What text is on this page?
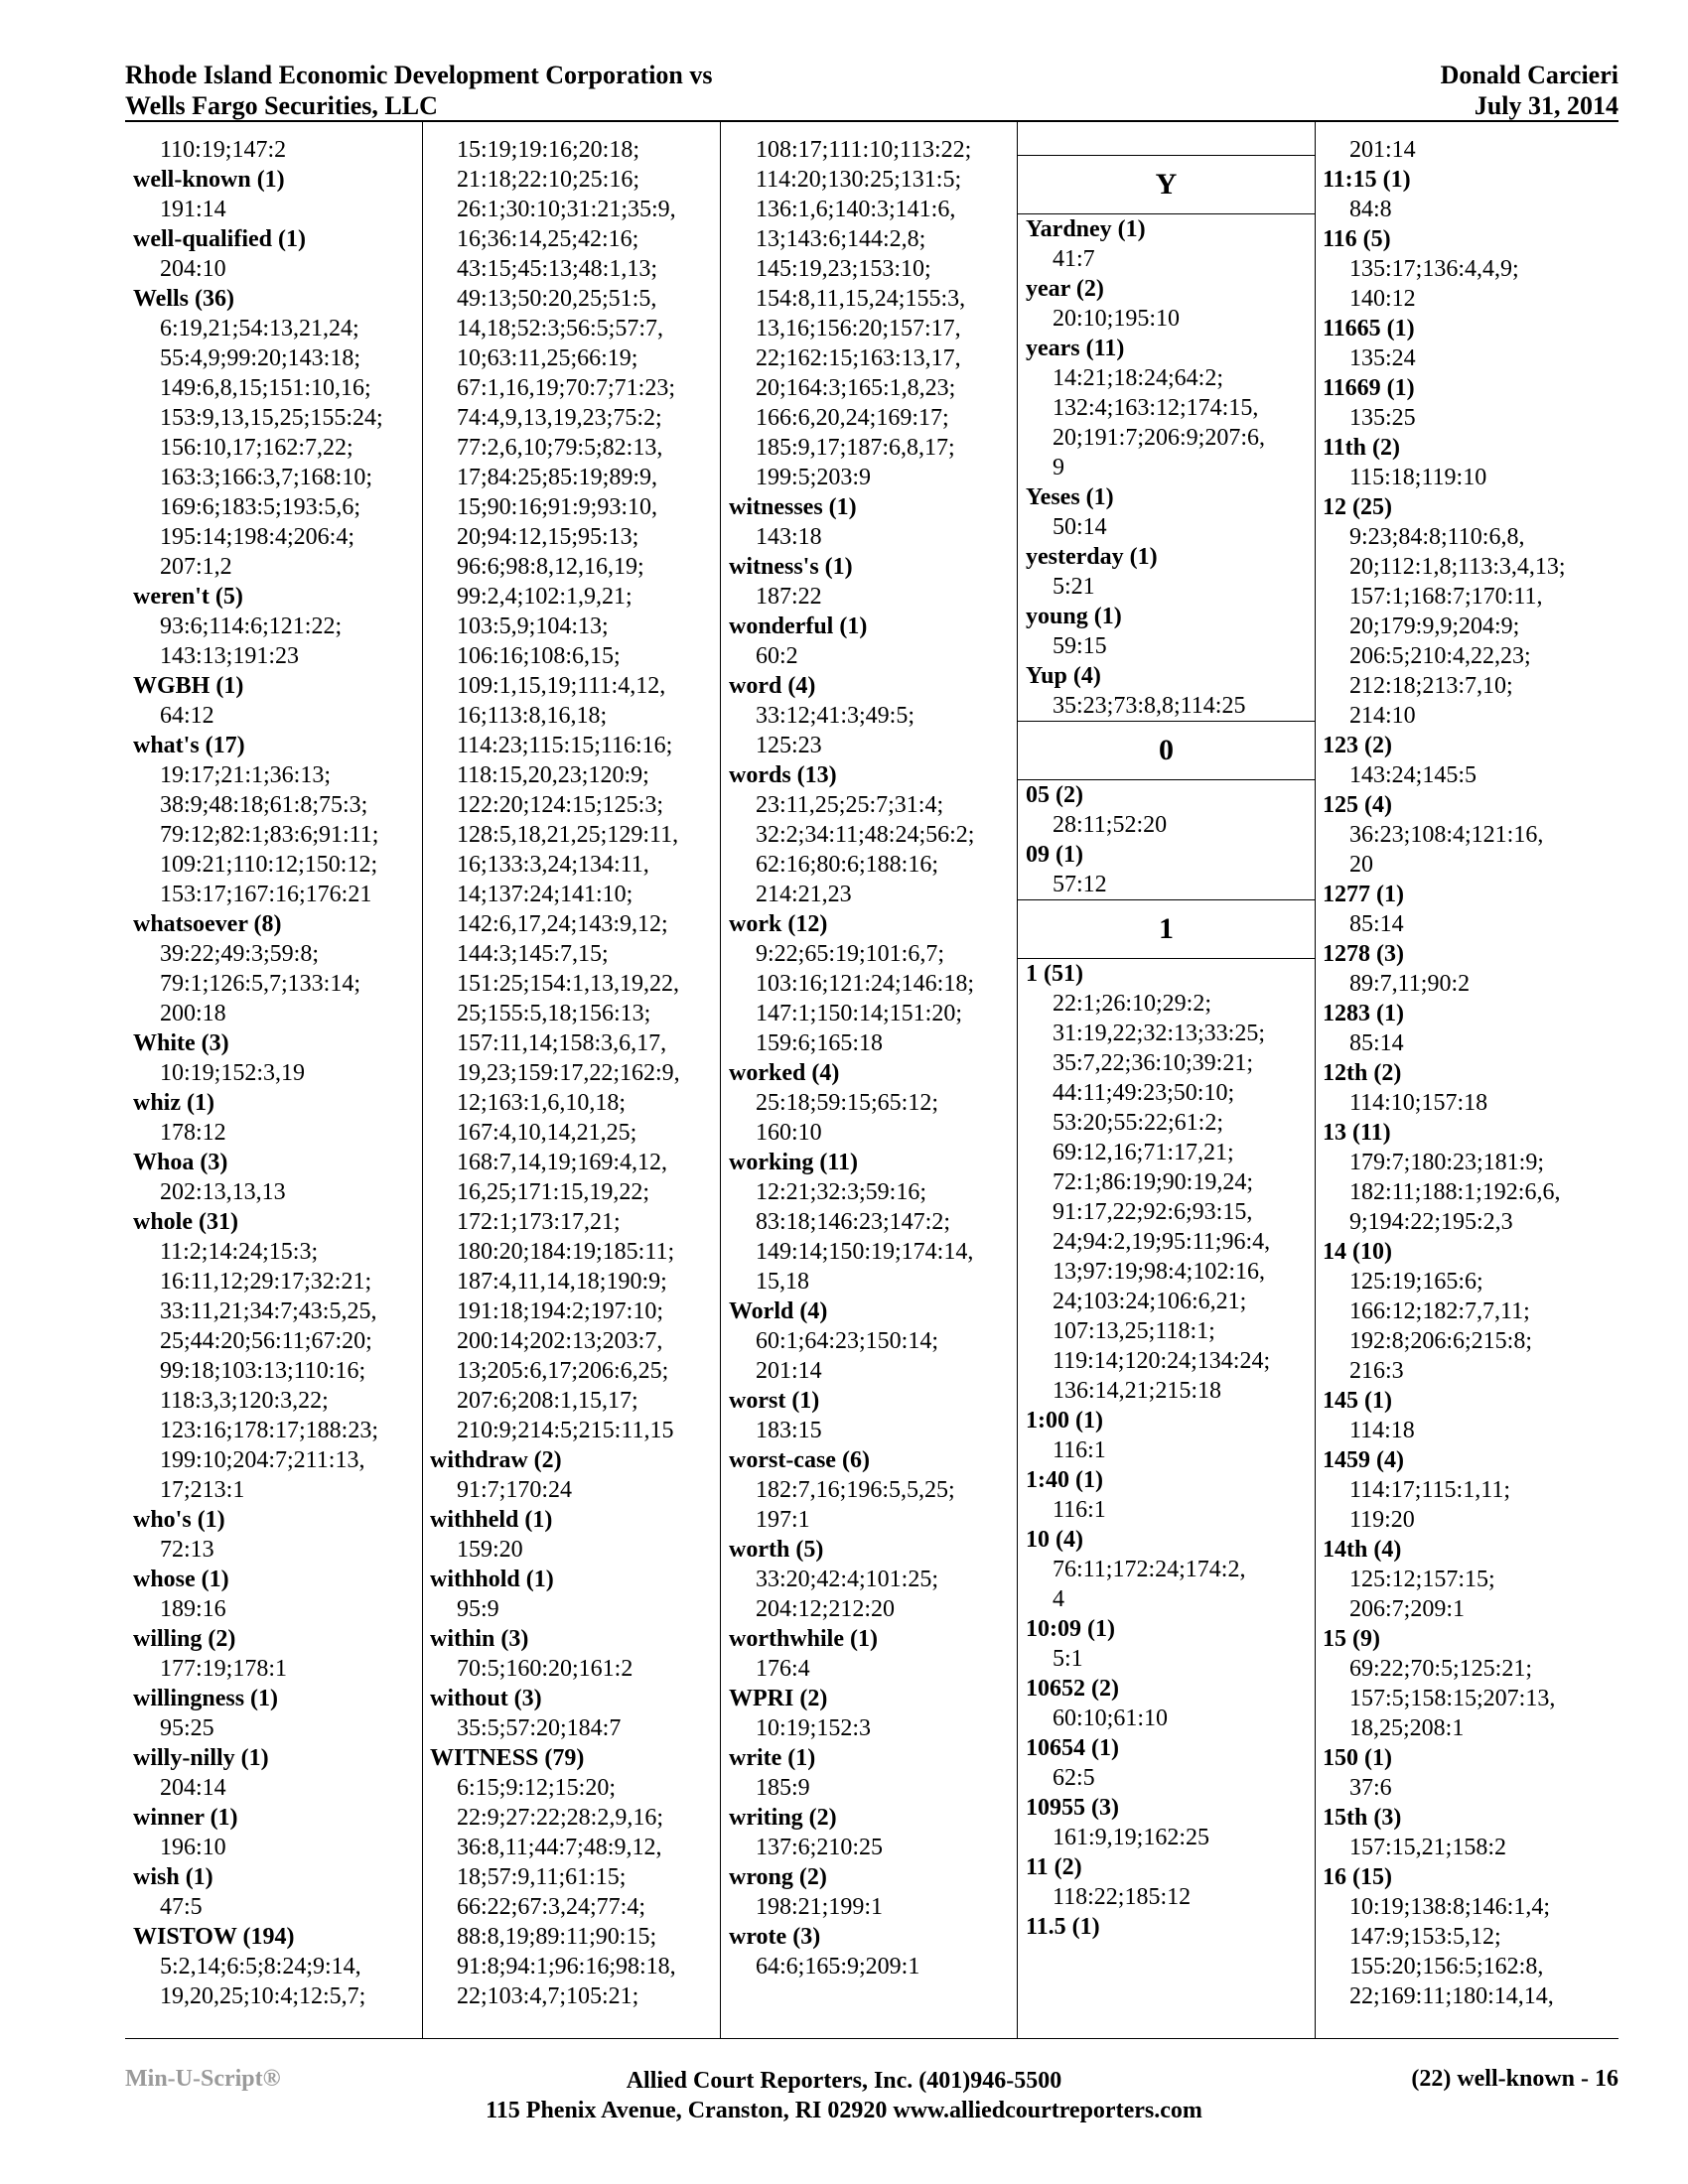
Rhode Island Economic Development Corporation vs
Wells Fargo Securities, LLC
Donald Carcieri
July 31, 2014
110:19;147:2
well-known (1)
191:14
well-qualified (1)
204:10
Wells (36)
6:19,21;54:13,21,24;
55:4,9;99:20;143:18;
149:6,8,15;151:10,16;
153:9,13,15,25;155:24;
156:10,17;162:7,22;
163:3;166:3,7;168:10;
169:6;183:5;193:5,6;
195:14;198:4;206:4;
207:1,2
weren't (5)
93:6;114:6;121:22;
143:13;191:23
WGBH (1)
64:12
what's (17)
19:17;21:1;36:13;
38:9;48:18;61:8;75:3;
79:12;82:1;83:6;91:11;
109:21;110:12;150:12;
153:17;167:16;176:21
whatsoever (8)
39:22;49:3;59:8;
79:1;126:5,7;133:14;
200:18
White (3)
10:19;152:3,19
whiz (1)
178:12
Whoa (3)
202:13,13,13
whole (31)
11:2;14:24;15:3;
16:11,12;29:17;32:21;
33:11,21;34:7;43:5,25,
25;44:20;56:11;67:20;
99:18;103:13;110:16;
118:3,3;120:3,22;
123:16;178:17;188:23;
199:10;204:7;211:13,
17;213:1
who's (1)
72:13
whose (1)
189:16
willing (2)
177:19;178:1
willingness (1)
95:25
willy-nilly (1)
204:14
winner (1)
196:10
wish (1)
47:5
WISTOW (194)
5:2,14;6:5;8:24;9:14,
19,20,25;10:4;12:5,7;
15:19;19:16;20:18;
21:18;22:10;25:16;
26:1;30:10;31:21;35:9,
16;36:14,25;42:16;
43:15;45:13;48:1,13;
49:13;50:20,25;51:5,
14,18;52:3;56:5;57:7,
10;63:11,25;66:19;
67:1,16,19;70:7;71:23;
74:4,9,13,19,23;75:2;
77:2,6,10;79:5;82:13,
17;84:25;85:19;89:9,
15;90:16;91:9;93:10,
20;94:12,15;95:13;
96:6;98:8,12,16,19;
99:2,4;102:1,9,21;
103:5,9;104:13;
106:16;108:6,15;
109:1,15,19;111:4,12,
16;113:8,16,18;
114:23;115:15;116:16;
118:15,20,23;120:9;
122:20;124:15;125:3;
128:5,18,21,25;129:11,
16;133:3,24;134:11,
14;137:24;141:10;
142:6,17,24;143:9,12;
144:3;145:7,15;
151:25;154:1,13,19,22,
25;155:5,18;156:13;
157:11,14;158:3,6,17,
19,23;159:17,22;162:9,
12;163:1,6,10,18;
167:4,10,14,21,25;
168:7,14,19;169:4,12,
16,25;171:15,19,22;
172:1;173:17,21;
180:20;184:19;185:11;
187:4,11,14,18;190:9;
191:18;194:2;197:10;
200:14;202:13;203:7,
13;205:6,17;206:6,25;
207:6;208:1,15,17;
210:9;214:5;215:11,15
withdraw (2)
91:7;170:24
withheld (1)
159:20
withhold (1)
95:9
within (3)
70:5;160:20;161:2
without (3)
35:5;57:20;184:7
WITNESS (79)
6:15;9:12;15:20;
22:9;27:22;28:2,9,16;
36:8,11;44:7;48:9,12,
18;57:9,11;61:15;
66:22;67:3,24;77:4;
88:8,19;89:11;90:15;
91:8;94:1;96:16;98:18,
22;103:4,7;105:21;
108:17;111:10;113:22;
114:20;130:25;131:5;
136:1,6;140:3;141:6,
13;143:6;144:2,8;
145:19,23;153:10;
154:8,11,15,24;155:3,
13,16;156:20;157:17,
22;162:15;163:13,17,
20;164:3;165:1,8,23;
166:6,20,24;169:17;
185:9,17;187:6,8,17;
199:5;203:9
witnesses (1)
143:18
witness's (1)
187:22
wonderful (1)
60:2
word (4)
33:12;41:3;49:5;
125:23
words (13)
23:11,25;25:7;31:4;
32:2;34:11;48:24;56:2;
62:16;80:6;188:16;
214:21,23
work (12)
9:22;65:19;101:6,7;
103:16;121:24;146:18;
147:1;150:14;151:20;
159:6;165:18
worked (4)
25:18;59:15;65:12;
160:10
working (11)
12:21;32:3;59:16;
83:18;146:23;147:2;
149:14;150:19;174:14,
15,18
World (4)
60:1;64:23;150:14;
201:14
worst (1)
183:15
worst-case (6)
182:7,16;196:5,5,25;
197:1
worth (5)
33:20;42:4;101:25;
204:12;212:20
worthwhile (1)
176:4
WPRI (2)
10:19;152:3
write (1)
185:9
writing (2)
137:6;210:25
wrong (2)
198:21;199:1
wrote (3)
64:6;165:9;209:1
Y
Yardney (1)
41:7
year (2)
20:10;195:10
years (11)
14:21;18:24;64:2;
132:4;163:12;174:15,
20;191:7;206:9;207:6,
9
Yeses (1)
50:14
yesterday (1)
5:21
young (1)
59:15
Yup (4)
35:23;73:8,8;114:25
0
05 (2)
28:11;52:20
09 (1)
57:12
1
1 (51)
22:1;26:10;29:2;
31:19,22;32:13;33:25;
35:7,22;36:10;39:21;
44:11;49:23;50:10;
53:20;55:22;61:2;
69:12,16;71:17,21;
72:1;86:19;90:19,24;
91:17,22;92:6;93:15,
24;94:2,19;95:11;96:4,
13;97:19;98:4;102:16,
24;103:24;106:6,21;
107:13,25;118:1;
119:14;120:24;134:24;
136:14,21;215:18
1:00 (1)
116:1
1:40 (1)
116:1
10 (4)
76:11;172:24;174:2,
4
10:09 (1)
5:1
10652 (2)
60:10;61:10
10654 (1)
62:5
10955 (3)
161:9,19;162:25
11 (2)
118:22;185:12
11.5 (1)
201:14
11:15 (1)
84:8
116 (5)
135:17;136:4,4,9;
140:12
11665 (1)
135:24
11669 (1)
135:25
11th (2)
115:18;119:10
12 (25)
9:23;84:8;110:6,8,
20;112:1,8;113:3,4,13;
157:1;168:7;170:11,
20;179:9,9;204:9;
206:5;210:4,22,23;
212:18;213:7,10;
214:10
123 (2)
143:24;145:5
125 (4)
36:23;108:4;121:16,
20
1277 (1)
85:14
1278 (3)
89:7,11;90:2
1283 (1)
85:14
12th (2)
114:10;157:18
13 (11)
179:7;180:23;181:9;
182:11;188:1;192:6,6,
9;194:22;195:2,3
14 (10)
125:19;165:6;
166:12;182:7,7,11;
192:8;206:6;215:8;
216:3
145 (1)
114:18
1459 (4)
114:17;115:1,11;
119:20
14th (4)
125:12;157:15;
206:7;209:1
15 (9)
69:22;70:5;125:21;
157:5;158:15;207:13,
18,25;208:1
150 (1)
37:6
15th (3)
157:15,21;158:2
16 (15)
10:19;138:8;146:1,4;
147:9;153:5,12;
155:20;156:5;162:8,
22;169:11;180:14,14,
Min-U-Script®	Allied Court Reporters, Inc. (401)946-5500
115 Phenix Avenue, Cranston, RI 02920 www.alliedcourtreporters.com
(22) well-known - 16
